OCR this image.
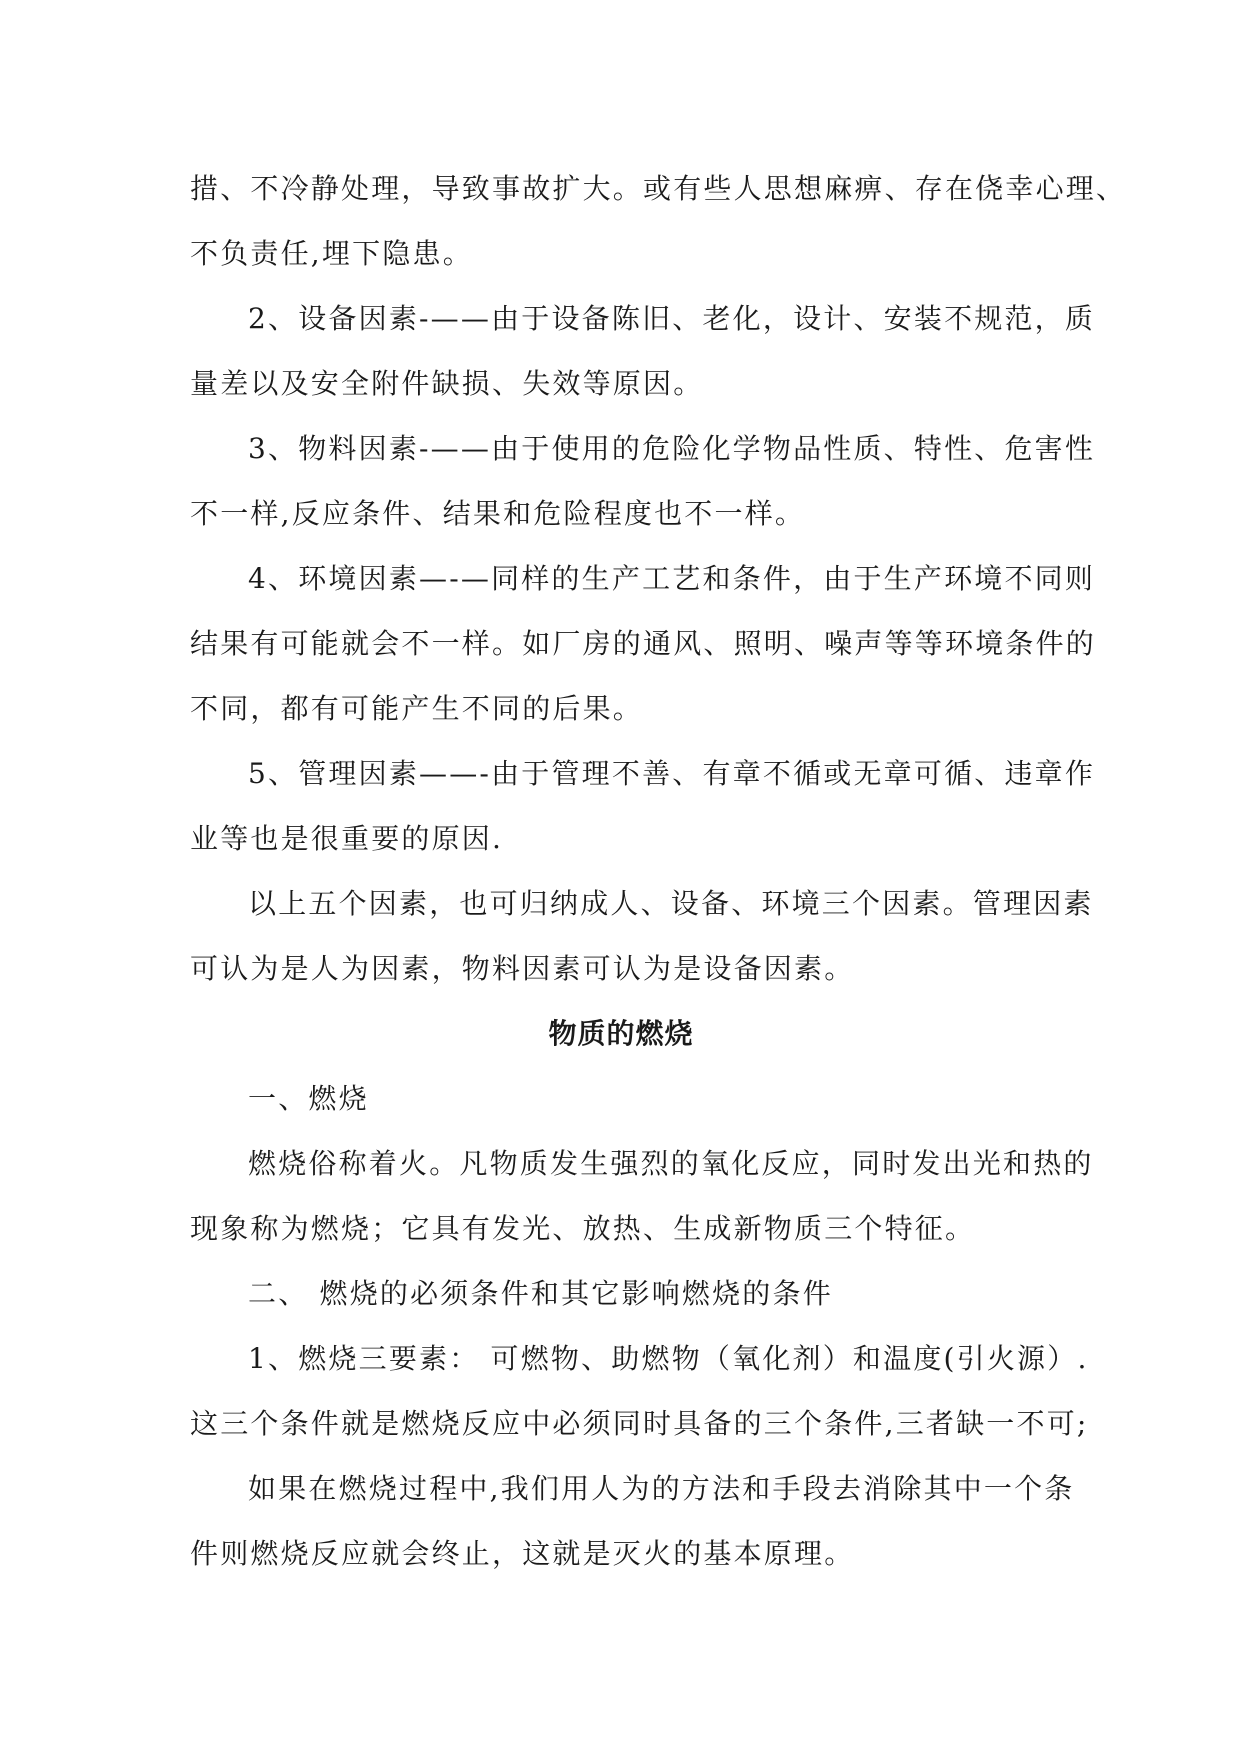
措、不冷静处理，导致事故扩大。或有些人思想麻痹、存在侥幸心理、
不负责任,埋下隐患。
2、设备因素-——由于设备陈旧、老化，设计、安装不规范，质
量差以及安全附件缺损、失效等原因。
3、物料因素-——由于使用的危险化学物品性质、特性、危害性
不一样,反应条件、结果和危险程度也不一样。
4、环境因素—-—同样的生产工艺和条件，由于生产环境不同则
结果有可能就会不一样。如厂房的通风、照明、噪声等等环境条件的
不同，都有可能产生不同的后果。
5、管理因素——-由于管理不善、有章不循或无章可循、违章作
业等也是很重要的原因.
以上五个因素，也可归纳成人、设备、环境三个因素。管理因素
可认为是人为因素，物料因素可认为是设备因素。
物质的燃烧
一、燃烧
燃烧俗称着火。凡物质发生强烈的氧化反应，同时发出光和热的
现象称为燃烧；它具有发光、放热、生成新物质三个特征。
二、 燃烧的必须条件和其它影响燃烧的条件
1、燃烧三要素： 可燃物、助燃物（氧化剂）和温度(引火源）.
这三个条件就是燃烧反应中必须同时具备的三个条件,三者缺一不可;
如果在燃烧过程中,我们用人为的方法和手段去消除其中一个条
件则燃烧反应就会终止，这就是灭火的基本原理。
